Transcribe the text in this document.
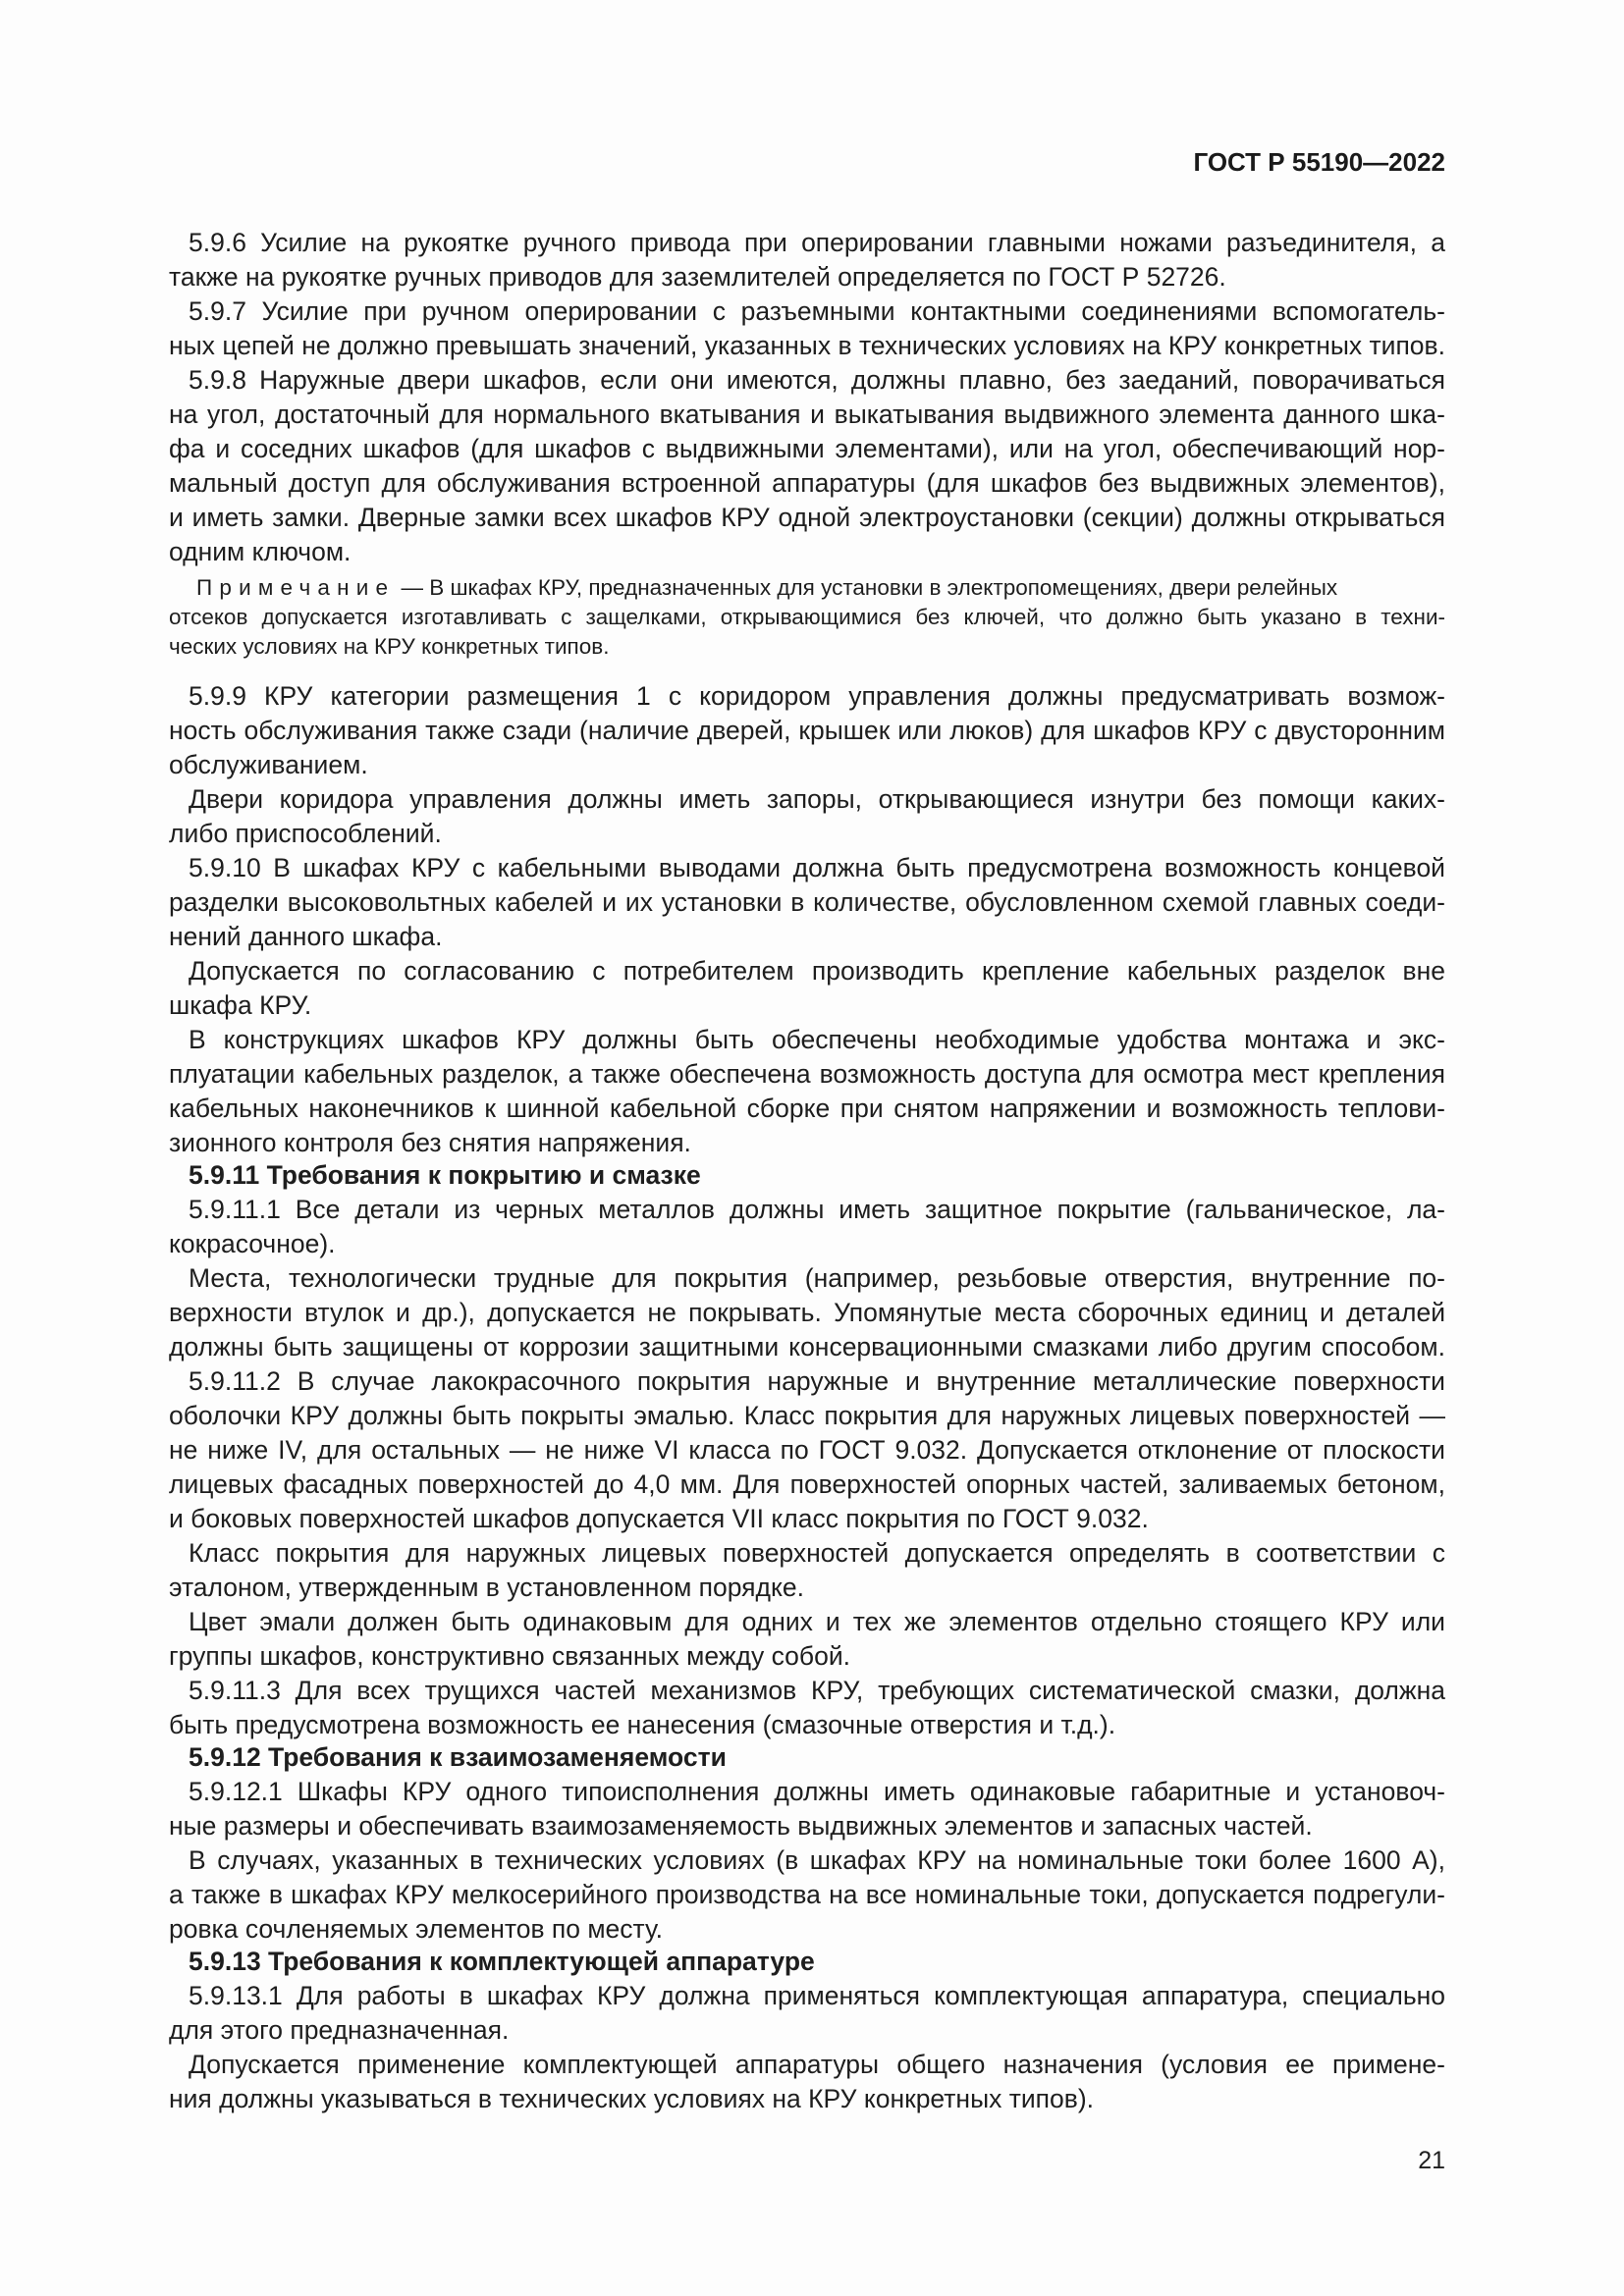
ГОСТ Р 55190—2022

5.9.6 Усилие на рукоятке ручного привода при оперировании главными ножами разъединителя, а

также на рукоятке ручных приводов для заземлителей определяется по ГОСТ Р 52726.

5.9.7 Усилие при ручном оперировании с разъемными контактными соединениями вспомогатель-

ных цепей не должно превышать значений, указанных в технических условиях на КРУ конкретных типов.

5.9.8 Наружные двери шкафов, если они имеются, должны плавно, без заеданий, поворачиваться

на угол, достаточный для нормального вкатывания и выкатывания выдвижного элемента данного шка-

фа и соседних шкафов (для шкафов с выдвижными элементами), или на угол, обеспечивающий нор-

мальный доступ для обслуживания встроенной аппаратуры (для шкафов без выдвижных элементов),

и иметь замки. Дверные замки всех шкафов КРУ одной электроустановки (секции) должны открываться

одним ключом.

Примечание — В шкафах КРУ, предназначенных для установки в электропомещениях, двери релейных

отсеков допускается изготавливать с защелками, открывающимися без ключей, что должно быть указано в техни-

ческих условиях на КРУ конкретных типов.

5.9.9 КРУ категории размещения 1 с коридором управления должны предусматривать возмож-

ность обслуживания также сзади (наличие дверей, крышек или люков) для шкафов КРУ с двусторонним

обслуживанием.

Двери коридора управления должны иметь запоры, открывающиеся изнутри без помощи каких-

либо приспособлений.

5.9.10 В шкафах КРУ с кабельными выводами должна быть предусмотрена возможность концевой

разделки высоковольтных кабелей и их установки в количестве, обусловленном схемой главных соеди-

нений данного шкафа.

Допускается по согласованию с потребителем производить крепление кабельных разделок вне

шкафа КРУ.

В конструкциях шкафов КРУ должны быть обеспечены необходимые удобства монтажа и экс-

плуатации кабельных разделок, а также обеспечена возможность доступа для осмотра мест крепления

кабельных наконечников к шинной кабельной сборке при снятом напряжении и возможность теплови-

зионного контроля без снятия напряжения.

5.9.11 Требования к покрытию и смазке

5.9.11.1 Все детали из черных металлов должны иметь защитное покрытие (гальваническое, ла-

кокрасочное).

Места, технологически трудные для покрытия (например, резьбовые отверстия, внутренние по-

верхности втулок и др.), допускается не покрывать. Упомянутые места сборочных единиц и деталей

должны быть защищены от коррозии защитными консервационными смазками либо другим способом.

5.9.11.2 В случае лакокрасочного покрытия наружные и внутренние металлические поверхности

оболочки КРУ должны быть покрыты эмалью. Класс покрытия для наружных лицевых поверхностей —

не ниже IV, для остальных — не ниже VI класса по ГОСТ 9.032. Допускается отклонение от плоскости

лицевых фасадных поверхностей до 4,0 мм. Для поверхностей опорных частей, заливаемых бетоном,

и боковых поверхностей шкафов допускается VII класс покрытия по ГОСТ 9.032.

Класс покрытия для наружных лицевых поверхностей допускается определять в соответствии с

эталоном, утвержденным в установленном порядке.

Цвет эмали должен быть одинаковым для одних и тех же элементов отдельно стоящего КРУ или

группы шкафов, конструктивно связанных между собой.

5.9.11.3 Для всех трущихся частей механизмов КРУ, требующих систематической смазки, должна

быть предусмотрена возможность ее нанесения (смазочные отверстия и т.д.).

5.9.12 Требования к взаимозаменяемости

5.9.12.1 Шкафы КРУ одного типоисполнения должны иметь одинаковые габаритные и установоч-

ные размеры и обеспечивать взаимозаменяемость выдвижных элементов и запасных частей.

В случаях, указанных в технических условиях (в шкафах КРУ на номинальные токи более 1600 А),

а также в шкафах КРУ мелкосерийного производства на все номинальные токи, допускается подрегули-

ровка сочленяемых элементов по месту.

5.9.13 Требования к комплектующей аппаратуре

5.9.13.1 Для работы в шкафах КРУ должна применяться комплектующая аппаратура, специально

для этого предназначенная.

Допускается применение комплектующей аппаратуры общего назначения (условия ее примене-

ния должны указываться в технических условиях на КРУ конкретных типов).

21
